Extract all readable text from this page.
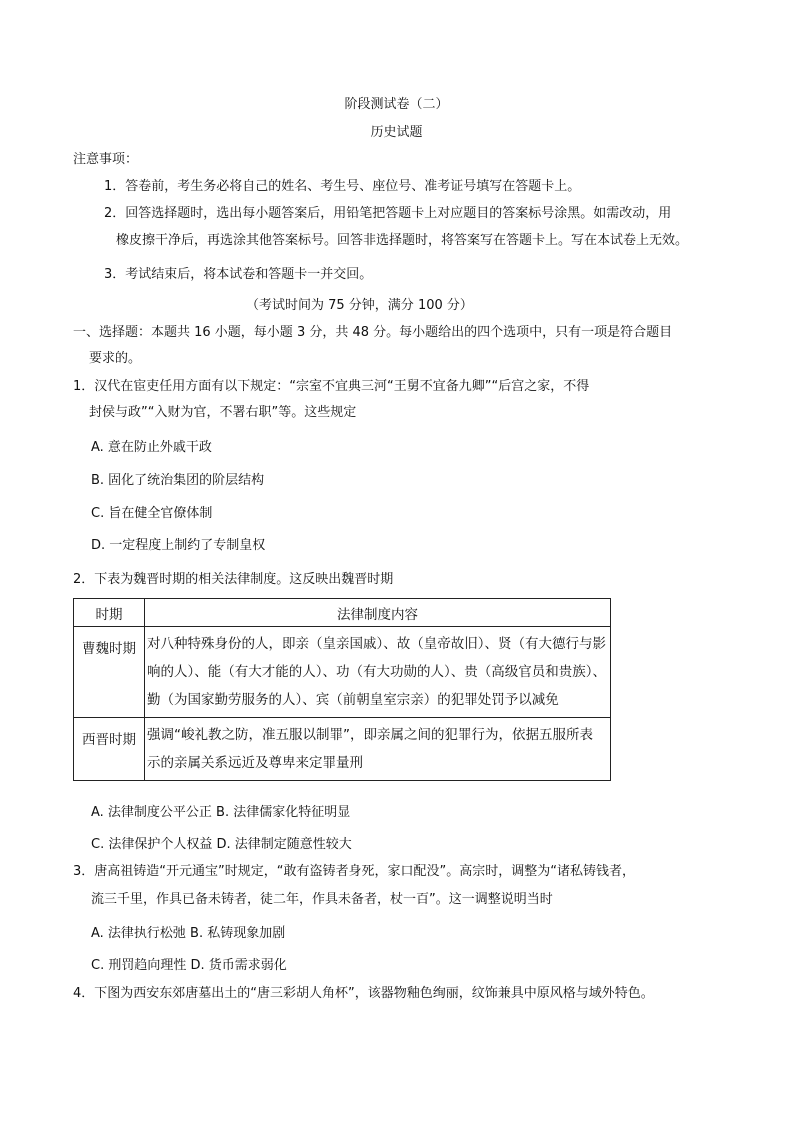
阶段测试卷（二）
历史试题
注意事项：
1．答卷前，考生务必将自己的姓名、考生号、座位号、准考证号填写在答题卡上。
2．回答选择题时，选出每小题答案后，用铅笔把答题卡上对应题目的答案标号涂黑。如需改动，用
橡皮擦干净后，再选涂其他答案标号。回答非选择题时，将答案写在答题卡上。写在本试卷上无效。
3．考试结束后，将本试卷和答题卡一并交回。
（考试时间为 75 分钟，满分 100 分）
一、选择题：本题共 16 小题，每小题 3 分，共 48 分。每小题给出的四个选项中，只有一项是符合题目
要求的。
1．汉代在宦吏任用方面有以下规定：“宗室不宜典三河“王舅不宜备九卿”“后宫之家，不得
封侯与政”“入财为官，不署右职”等。这些规定
A. 意在防止外戚干政
B. 固化了统治集团的阶层结构
C. 旨在健全官僚体制
D. 一定程度上制约了专制皇权
2．下表为魏晋时期的相关法律制度。这反映出魏晋时期
时期	法律制度内容
曹魏时期	对八种特殊身份的人，即亲（皇亲国戚）、故（皇帝故旧）、贤（有大德行与影响的人）、能（有大才能的人）、功（有大功勋的人）、贵（高级官员和贵族）、勤（为国家勤劳服务的人）、宾（前朝皇室宗亲）的犯罪处罚予以减免
西晋时期	强调“峻礼教之防，准五服以制罪”，即亲属之间的犯罪行为，依据五服所表示的亲属关系远近及尊卑来定罪量刑
A. 法律制度公平公正 B. 法律儒家化特征明显
C. 法律保护个人权益 D. 法律制定随意性较大
3．唐高祖铸造“开元通宝”时规定，“敢有盗铸者身死，家口配没”。高宗时，调整为“诸私铸钱者，
流三千里，作具已备未铸者，徒二年，作具未备者，杖一百”。这一调整说明当时
A. 法律执行松弛 B. 私铸现象加剧
C. 刑罚趋向理性 D. 货币需求弱化
4．下图为西安东郊唐墓出土的“唐三彩胡人角杯”，该器物釉色绚丽，纹饰兼具中原风格与域外特色。
